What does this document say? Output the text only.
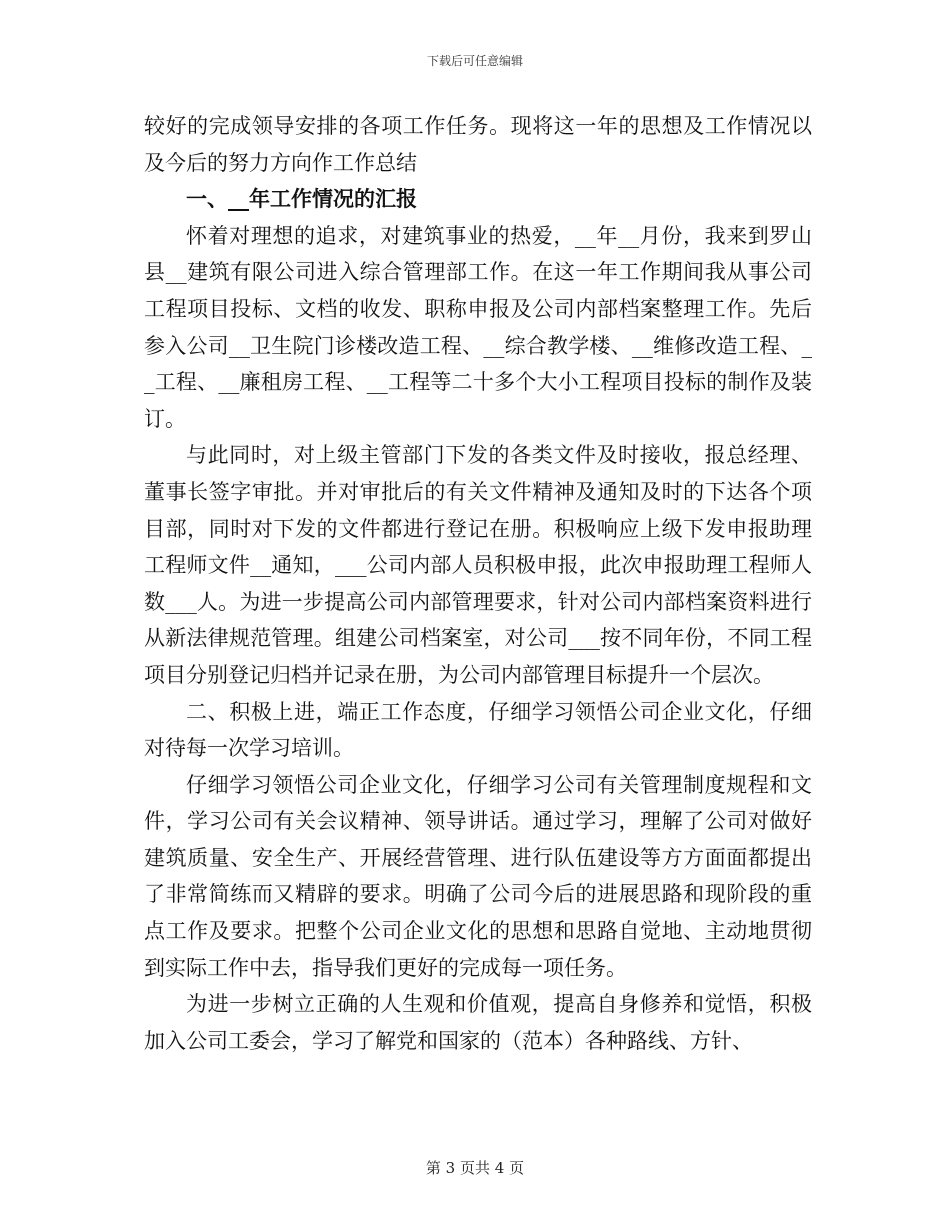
下载后可任意编辑

较好的完成领导安排的各项工作任务。现将这一年的思想及工作情况以及今后的努力方向作工作总结

一、__年工作情况的汇报

怀着对理想的追求，对建筑事业的热爱，__年__月份，我来到罗山县__建筑有限公司进入综合管理部工作。在这一年工作期间我从事公司工程项目投标、文档的收发、职称申报及公司内部档案整理工作。先后参入公司__卫生院门诊楼改造工程、__综合教学楼、__维修改造工程、__工程、__廉租房工程、__工程等二十多个大小工程项目投标的制作及装订。

与此同时，对上级主管部门下发的各类文件及时接收，报总经理、董事长签字审批。并对审批后的有关文件精神及通知及时的下达各个项目部，同时对下发的文件都进行登记在册。积极响应上级下发申报助理工程师文件__通知，___公司内部人员积极申报，此次申报助理工程师人数___人。为进一步提高公司内部管理要求，针对公司内部档案资料进行从新法律规范管理。组建公司档案室，对公司___按不同年份，不同工程项目分别登记归档并记录在册，为公司内部管理目标提升一个层次。

二、积极上进，端正工作态度，仔细学习领悟公司企业文化，仔细对待每一次学习培训。

仔细学习领悟公司企业文化，仔细学习公司有关管理制度规程和文件，学习公司有关会议精神、领导讲话。通过学习，理解了公司对做好建筑质量、安全生产、开展经营管理、进行队伍建设等方方面面都提出了非常简练而又精辟的要求。明确了公司今后的进展思路和现阶段的重点工作及要求。把整个公司企业文化的思想和思路自觉地、主动地贯彻到实际工作中去，指导我们更好的完成每一项任务。

为进一步树立正确的人生观和价值观，提高自身修养和觉悟，积极加入公司工委会，学习了解党和国家的（范本）各种路线、方针、

第 3 页共 4 页
